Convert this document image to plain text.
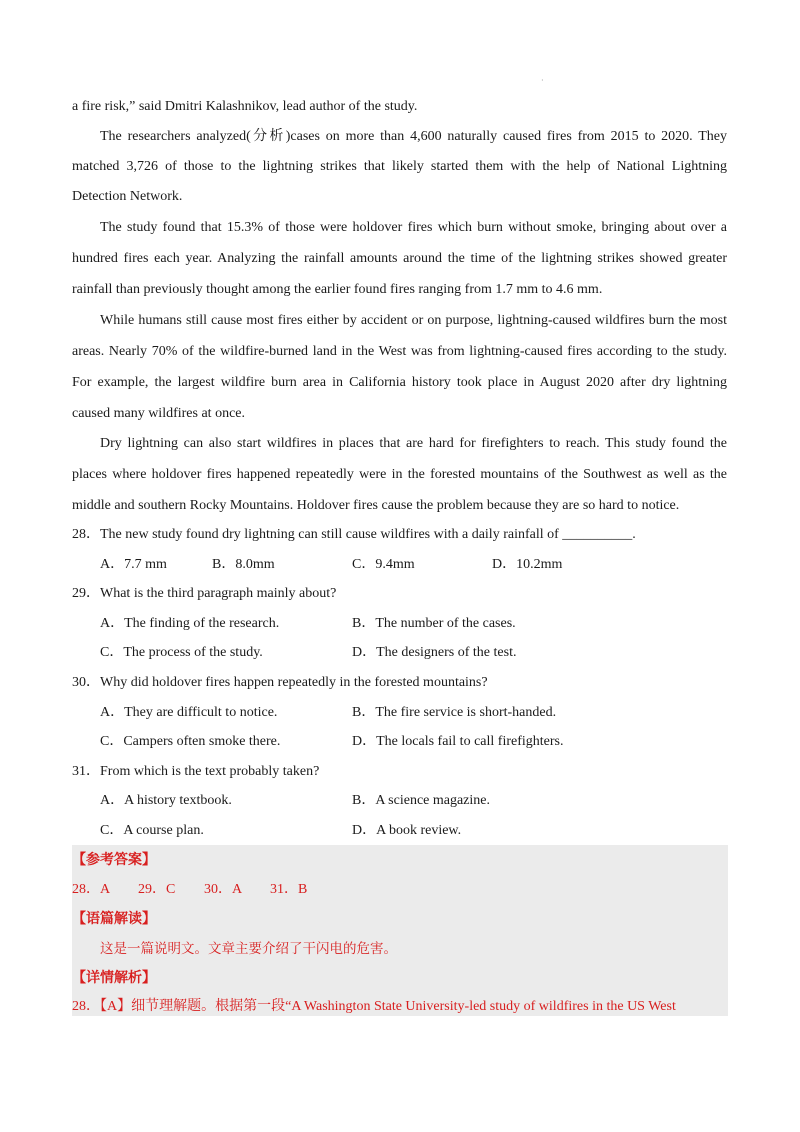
·
a fire risk,” said Dmitri Kalashnikov, lead author of the study.
The researchers analyzed(分析)cases on more than 4,600 naturally caused fires from 2015 to 2020. They
matched 3,726 of those to the lightning strikes that likely started them with the help of National Lightning
Detection Network.
The study found that 15.3% of those were holdover fires which burn without smoke, bringing about over a
hundred fires each year. Analyzing the rainfall amounts around the time of the lightning strikes showed greater
rainfall than previously thought among the earlier found fires ranging from 1.7 mm to 4.6 mm.
While humans still cause most fires either by accident or on purpose, lightning-caused wildfires burn the most
areas. Nearly 70% of the wildfire-burned land in the West was from lightning-caused fires according to the study.
For example, the largest wildfire burn area in California history took place in August 2020 after dry lightning
caused many wildfires at once.
Dry lightning can also start wildfires in places that are hard for firefighters to reach. This study found the
places where holdover fires happened repeatedly were in the forested mountains of the Southwest as well as the
middle and southern Rocky Mountains. Holdover fires cause the problem because they are so hard to notice.
28．The new study found dry lightning can still cause wildfires with a daily rainfall of __________.
A．7.7 mm	B．8.0mm	C．9.4mm	D．10.2mm
29．What is the third paragraph mainly about?
A．The finding of the research.	B．The number of the cases.
C．The process of the study.	D．The designers of the test.
30．Why did holdover fires happen repeatedly in the forested mountains?
A．They are difficult to notice.	B．The fire service is short-handed.
C．Campers often smoke there.	D．The locals fail to call firefighters.
31．From which is the text probably taken?
A．A history textbook.	B．A science magazine.
C．A course plan.	D．A book review.
【参考答案】
28．A 29．C 30．A 31．B
【语篇解读】
这是一篇说明文。文章主要介绍了干闪电的危害。
【详情解析】
28．【A】细节理解题。根据第一段“A Washington State University-led study of wildfires in the US West
